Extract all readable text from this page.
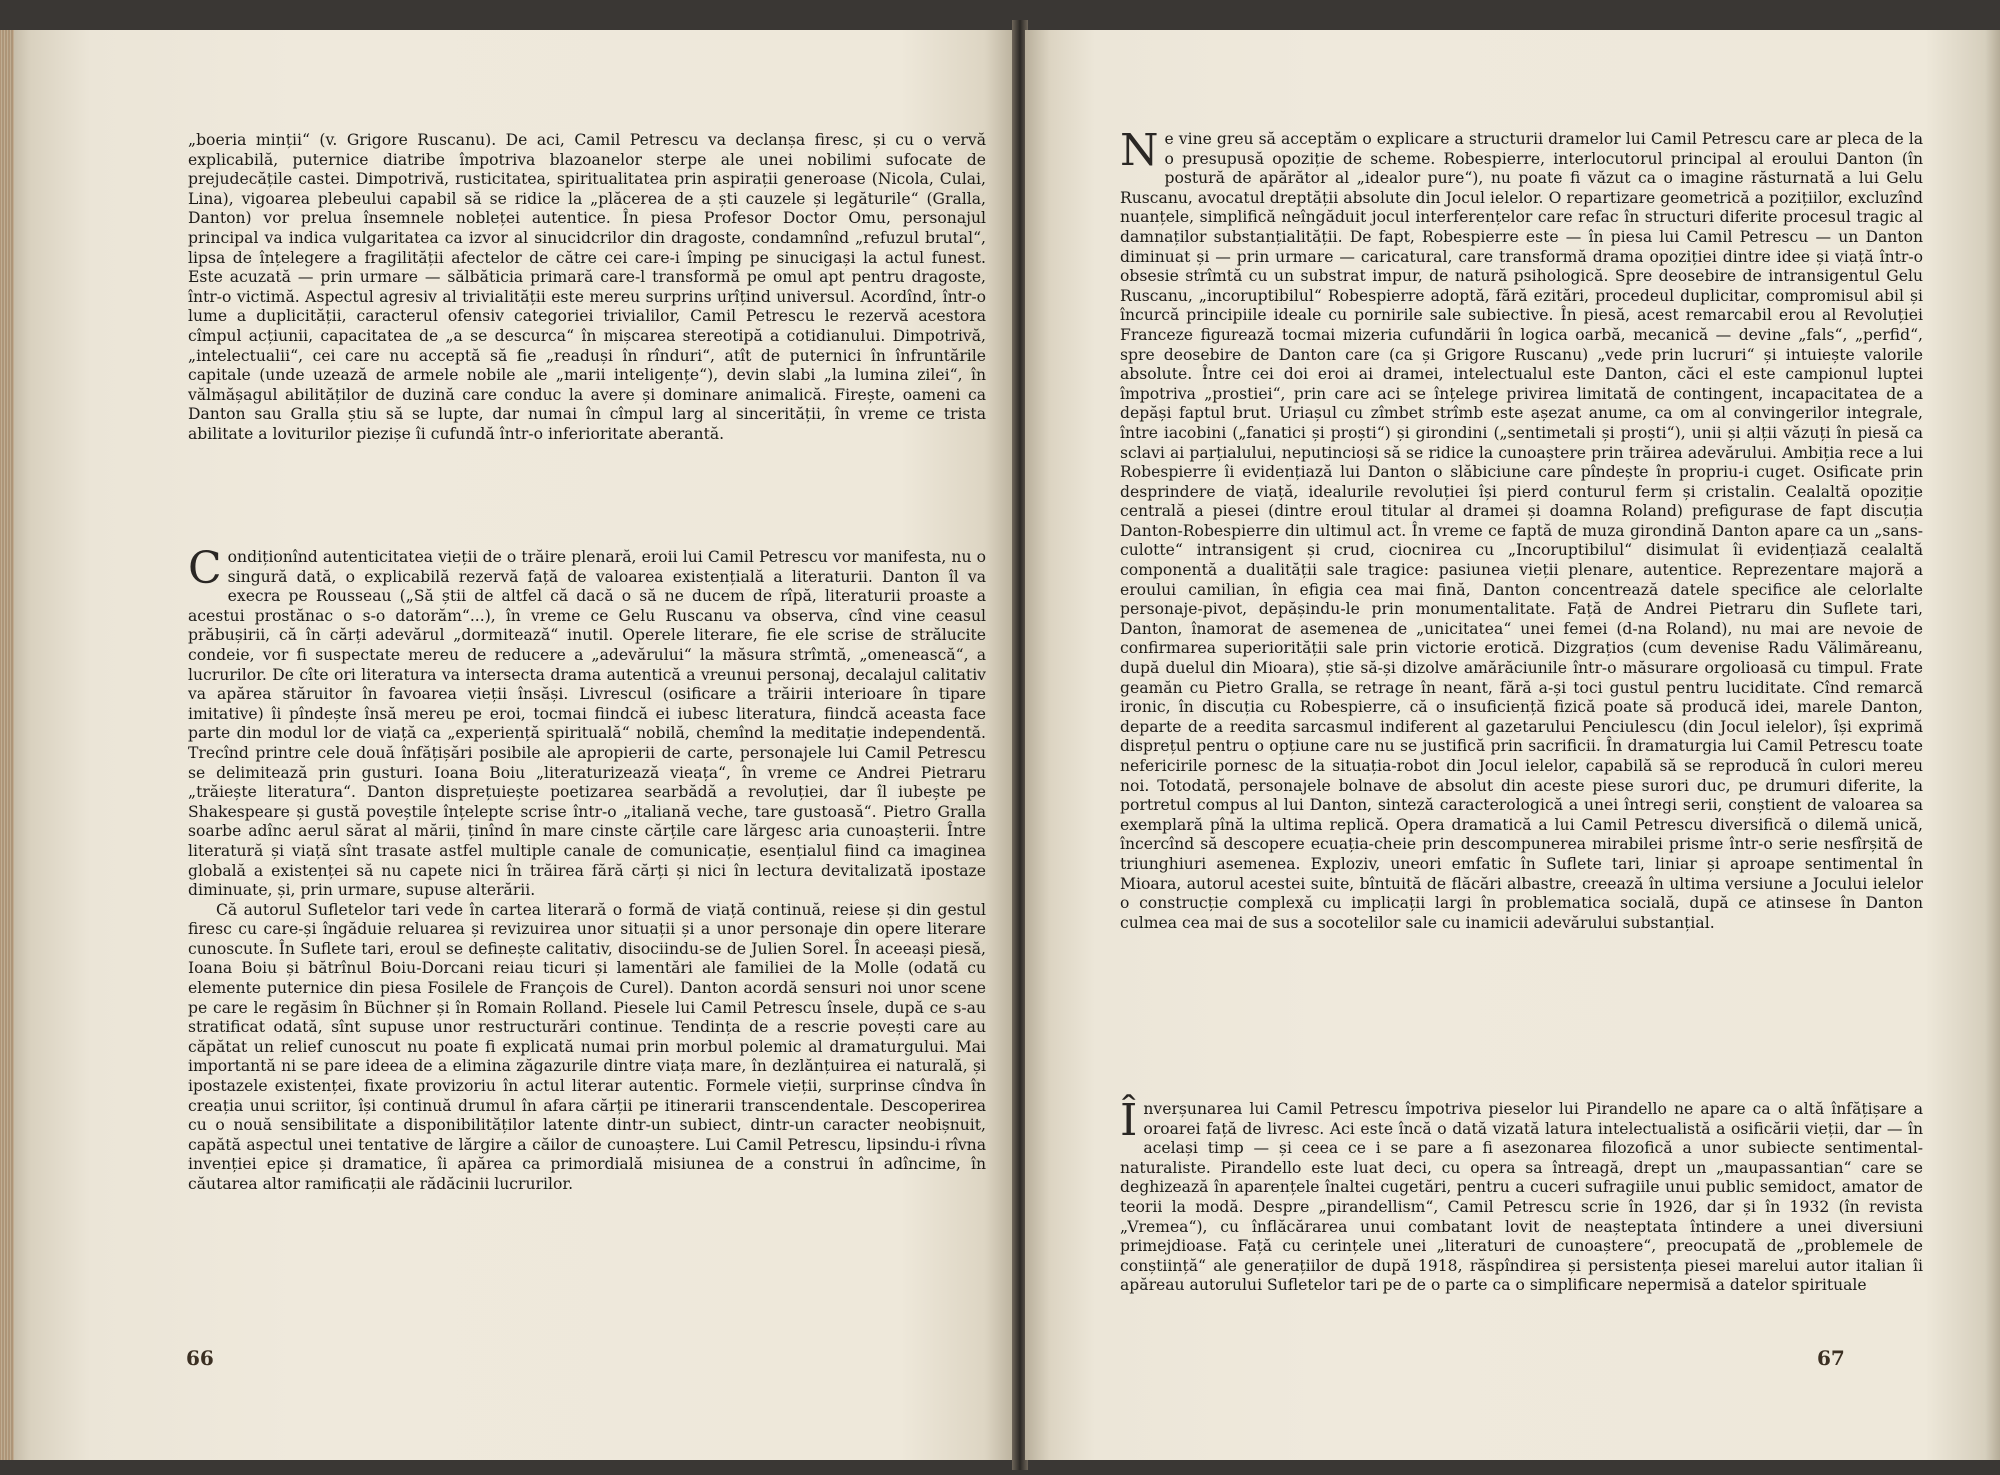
„boeria minții“ (v. Grigore Ruscanu). De aci, Camil Petrescu va declanșa firesc, și cu o vervă explicabilă, puternice diatribe împotriva blazoanelor sterpe ale unei nobilimi sufocate de prejudecățile castei. Dimpotrivă, rusticitatea, spiritualitatea prin aspirații generoase (Nicola, Culai, Lina), vigoarea plebeului capabil să se ridice la „plăcerea de a ști cauzele și legăturile“ (Gralla, Danton) vor prelua însemnele nobleței autentice. În piesa Profesor Doctor Omu, personajul principal va indica vulgaritatea ca izvor al sinucidcrilor din dragoste, condamnînd „refuzul brutal“, lipsa de înțelegere a fragilității afectelor de către cei care-i împing pe sinucigași la actul funest. Este acuzată — prin urmare — sălbăticia primară care-l transformă pe omul apt pentru dragoste, într-o victimă. Aspectul agresiv al trivialității este mereu surprins urîțind universul. Acordînd, într-o lume a duplicității, caracterul ofensiv categoriei trivialilor, Camil Petrescu le rezervă acestora cîmpul acțiunii, capacitatea de „a se descurca“ în mișcarea stereotipă a cotidianului. Dimpotrivă, „intelectualii“, cei care nu acceptă să fie „readuși în rînduri“, atît de puternici în înfruntările capitale (unde uzează de armele nobile ale „marii inteligențe“), devin slabi „la lumina zilei“, în vălmășagul abilităților de duzină care conduc la avere și dominare animalică. Firește, oameni ca Danton sau Gralla știu să se lupte, dar numai în cîmpul larg al sincerității, în vreme ce trista abilitate a loviturilor piezișe îi cufundă într-o inferioritate aberantă.

Condiționînd autenticitatea vieții de o trăire plenară, eroii lui Camil Petrescu vor manifesta, nu o singură dată, o explicabilă rezervă față de valoarea existențială a literaturii. Danton îl va execra pe Rousseau („Să știi de altfel că dacă o să ne ducem de rîpă, literaturii proaste a acestui prostănac o s-o datorăm“...), în vreme ce Gelu Ruscanu va observa, cînd vine ceasul prăbușirii, că în cărți adevărul „dormitează“ inutil. Operele literare, fie ele scrise de strălucite condeie, vor fi suspectate mereu de reducere a „adevărului“ la măsura strîmtă, „omenească“, a lucrurilor. De cîte ori literatura va intersecta drama autentică a vreunui personaj, decalajul calitativ va apărea stăruitor în favoarea vieții însăși. Livrescul (osificare a trăirii interioare în tipare imitative) îi pîndește însă mereu pe eroi, tocmai fiindcă ei iubesc literatura, fiindcă aceasta face parte din modul lor de viață ca „experiență spirituală“ nobilă, chemînd la meditație independentă. Trecînd printre cele două înfățișări posibile ale apropierii de carte, personajele lui Camil Petrescu se delimitează prin gusturi. Ioana Boiu „literaturizează vieața“, în vreme ce Andrei Pietraru „trăiește literatura“. Danton disprețuiește poetizarea searbădă a revoluției, dar îl iubește pe Shakespeare și gustă poveștile înțelepte scrise într-o „italiană veche, tare gustoasă“. Pietro Gralla soarbe adînc aerul sărat al mării, ținînd în mare cinste cărțile care lărgesc aria cunoașterii. Între literatură și viață sînt trasate astfel multiple canale de comunicație, esențialul fiind ca imaginea globală a existenței să nu capete nici în trăirea fără cărți și nici în lectura devitalizată ipostaze diminuate, și, prin urmare, supuse alterării.

Că autorul Sufletelor tari vede în cartea literară o formă de viață continuă, reiese și din gestul firesc cu care-și îngăduie reluarea și revizuirea unor situații și a unor personaje din opere literare cunoscute. În Suflete tari, eroul se definește calitativ, disociindu-se de Julien Sorel. În aceeași piesă, Ioana Boiu și bătrînul Boiu-Dorcani reiau ticuri și lamentări ale familiei de la Molle (odată cu elemente puternice din piesa Fosilele de François de Curel). Danton acordă sensuri noi unor scene pe care le regăsim în Büchner și în Romain Rolland. Piesele lui Camil Petrescu însele, după ce s-au stratificat odată, sînt supuse unor restructurări continue. Tendința de a rescrie povești care au căpătat un relief cunoscut nu poate fi explicată numai prin morbul polemic al dramaturgului. Mai importantă ni se pare ideea de a elimina zăgazurile dintre viața mare, în dezlănțuirea ei naturală, și ipostazele existenței, fixate provizoriu în actul literar autentic. Formele vieții, surprinse cîndva în creația unui scriitor, își continuă drumul în afara cărții pe itinerarii transcendentale. Descoperirea cu o nouă sensibilitate a disponibilităților latente dintr-un subiect, dintr-un caracter neobișnuit, capătă aspectul unei tentative de lărgire a căilor de cunoaștere. Lui Camil Petrescu, lipsindu-i rîvna invenției epice și dramatice, îi apărea ca primordială misiunea de a construi în adîncime, în căutarea altor ramificații ale rădăcinii lucrurilor.

66

Ne vine greu să acceptăm o explicare a structurii dramelor lui Camil Petrescu care ar pleca de la o presupusă opoziție de scheme. Robespierre, interlocutorul principal al eroului Danton (în postură de apărător al „idealor pure“), nu poate fi văzut ca o imagine răsturnată a lui Gelu Ruscanu, avocatul dreptății absolute din Jocul ielelor. O repartizare geometrică a pozițiilor, excluzînd nuanțele, simplifică neîngăduit jocul interferențelor care refac în structuri diferite procesul tragic al damnaților substanțialității. De fapt, Robespierre este — în piesa lui Camil Petrescu — un Danton diminuat și — prin urmare — caricatural, care transformă drama opoziției dintre idee și viață într-o obsesie strîmtă cu un substrat impur, de natură psihologică. Spre deosebire de intransigentul Gelu Ruscanu, „incoruptibilul“ Robespierre adoptă, fără ezitări, procedeul duplicitar, compromisul abil și încurcă principiile ideale cu pornirile sale subiective. În piesă, acest remarcabil erou al Revoluției Franceze figurează tocmai mizeria cufundării în logica oarbă, mecanică — devine „fals“, „perfid“, spre deosebire de Danton care (ca și Grigore Ruscanu) „vede prin lucruri“ și intuiește valorile absolute. Între cei doi eroi ai dramei, intelectualul este Danton, căci el este campionul luptei împotriva „prostiei“, prin care aci se înțelege privirea limitată de contingent, incapacitatea de a depăși faptul brut. Uriașul cu zîmbet strîmb este așezat anume, ca om al convingerilor integrale, între iacobini („fanatici și proști“) și girondini („sentimetali și proști“), unii și alții văzuți în piesă ca sclavi ai parțialului, neputincioși să se ridice la cunoaștere prin trăirea adevărului. Ambiția rece a lui Robespierre îi evidențiază lui Danton o slăbiciune care pîndește în propriu-i cuget. Osificate prin desprindere de viață, idealurile revoluției își pierd conturul ferm și cristalin. Cealaltă opoziție centrală a piesei (dintre eroul titular al dramei și doamna Roland) prefigurase de fapt discuția Danton-Robespierre din ultimul act. În vreme ce faptă de muza girondină Danton apare ca un „sans-culotte“ intransigent și crud, ciocnirea cu „Incoruptibilul“ disimulat îi evidențiază cealaltă componentă a dualității sale tragice: pasiunea vieții plenare, autentice. Reprezentare majoră a eroului camilian, în efigia cea mai fină, Danton concentrează datele specifice ale celorlalte personaje-pivot, depășindu-le prin monumentalitate. Față de Andrei Pietraru din Suflete tari, Danton, înamorat de asemenea de „unicitatea“ unei femei (d-na Roland), nu mai are nevoie de confirmarea superiorității sale prin victorie erotică. Dizgrațios (cum devenise Radu Vălimăreanu, după duelul din Mioara), știe să-și dizolve amărăciunile într-o măsurare orgolioasă cu timpul. Frate geamăn cu Pietro Gralla, se retrage în neant, fără a-și toci gustul pentru luciditate. Cînd remarcă ironic, în discuția cu Robespierre, că o insuficiență fizică poate să producă idei, marele Danton, departe de a reedita sarcasmul indiferent al gazetarului Penciulescu (din Jocul ielelor), își exprimă disprețul pentru o opțiune care nu se justifică prin sacrificii. În dramaturgia lui Camil Petrescu toate nefericirile pornesc de la situația-robot din Jocul ielelor, capabilă să se reproducă în culori mereu noi. Totodată, personajele bolnave de absolut din aceste piese surori duc, pe drumuri diferite, la portretul compus al lui Danton, sinteză caracterologică a unei întregi serii, conștient de valoarea sa exemplară pînă la ultima replică. Opera dramatică a lui Camil Petrescu diversifică o dilemă unică, încercînd să descopere ecuația-cheie prin descompunerea mirabilei prisme într-o serie nesfîrșită de triunghiuri asemenea. Exploziv, uneori emfatic în Suflete tari, liniar și aproape sentimental în Mioara, autorul acestei suite, bîntuită de flăcări albastre, creează în ultima versiune a Jocului ielelor o construcție complexă cu implicații largi în problematica socială, după ce atinsese în Danton culmea cea mai de sus a socotelilor sale cu inamicii adevărului substanțial.

Înverșunarea lui Camil Petrescu împotriva pieselor lui Pirandello ne apare ca o altă înfățișare a oroarei față de livresc. Aci este încă o dată vizată latura intelectualistă a osificării vieții, dar — în același timp — și ceea ce i se pare a fi asezonarea filozofică a unor subiecte sentimental-naturaliste. Pirandello este luat deci, cu opera sa întreagă, drept un „maupassantian“ care se deghizează în aparențele înaltei cugetări, pentru a cuceri sufragiile unui public semidoct, amator de teorii la modă. Despre „pirandellism“, Camil Petrescu scrie în 1926, dar și în 1932 (în revista „Vremea“), cu înflăcărarea unui combatant lovit de neașteptata întindere a unei diversiuni primejdioase. Față cu cerințele unei „literaturi de cunoaștere“, preocupată de „problemele de conștiință“ ale generațiilor de după 1918, răspîndirea și persistența piesei marelui autor italian îi apăreau autorului Sufletelor tari pe de o parte ca o simplificare nepermisă a datelor spirituale

67
